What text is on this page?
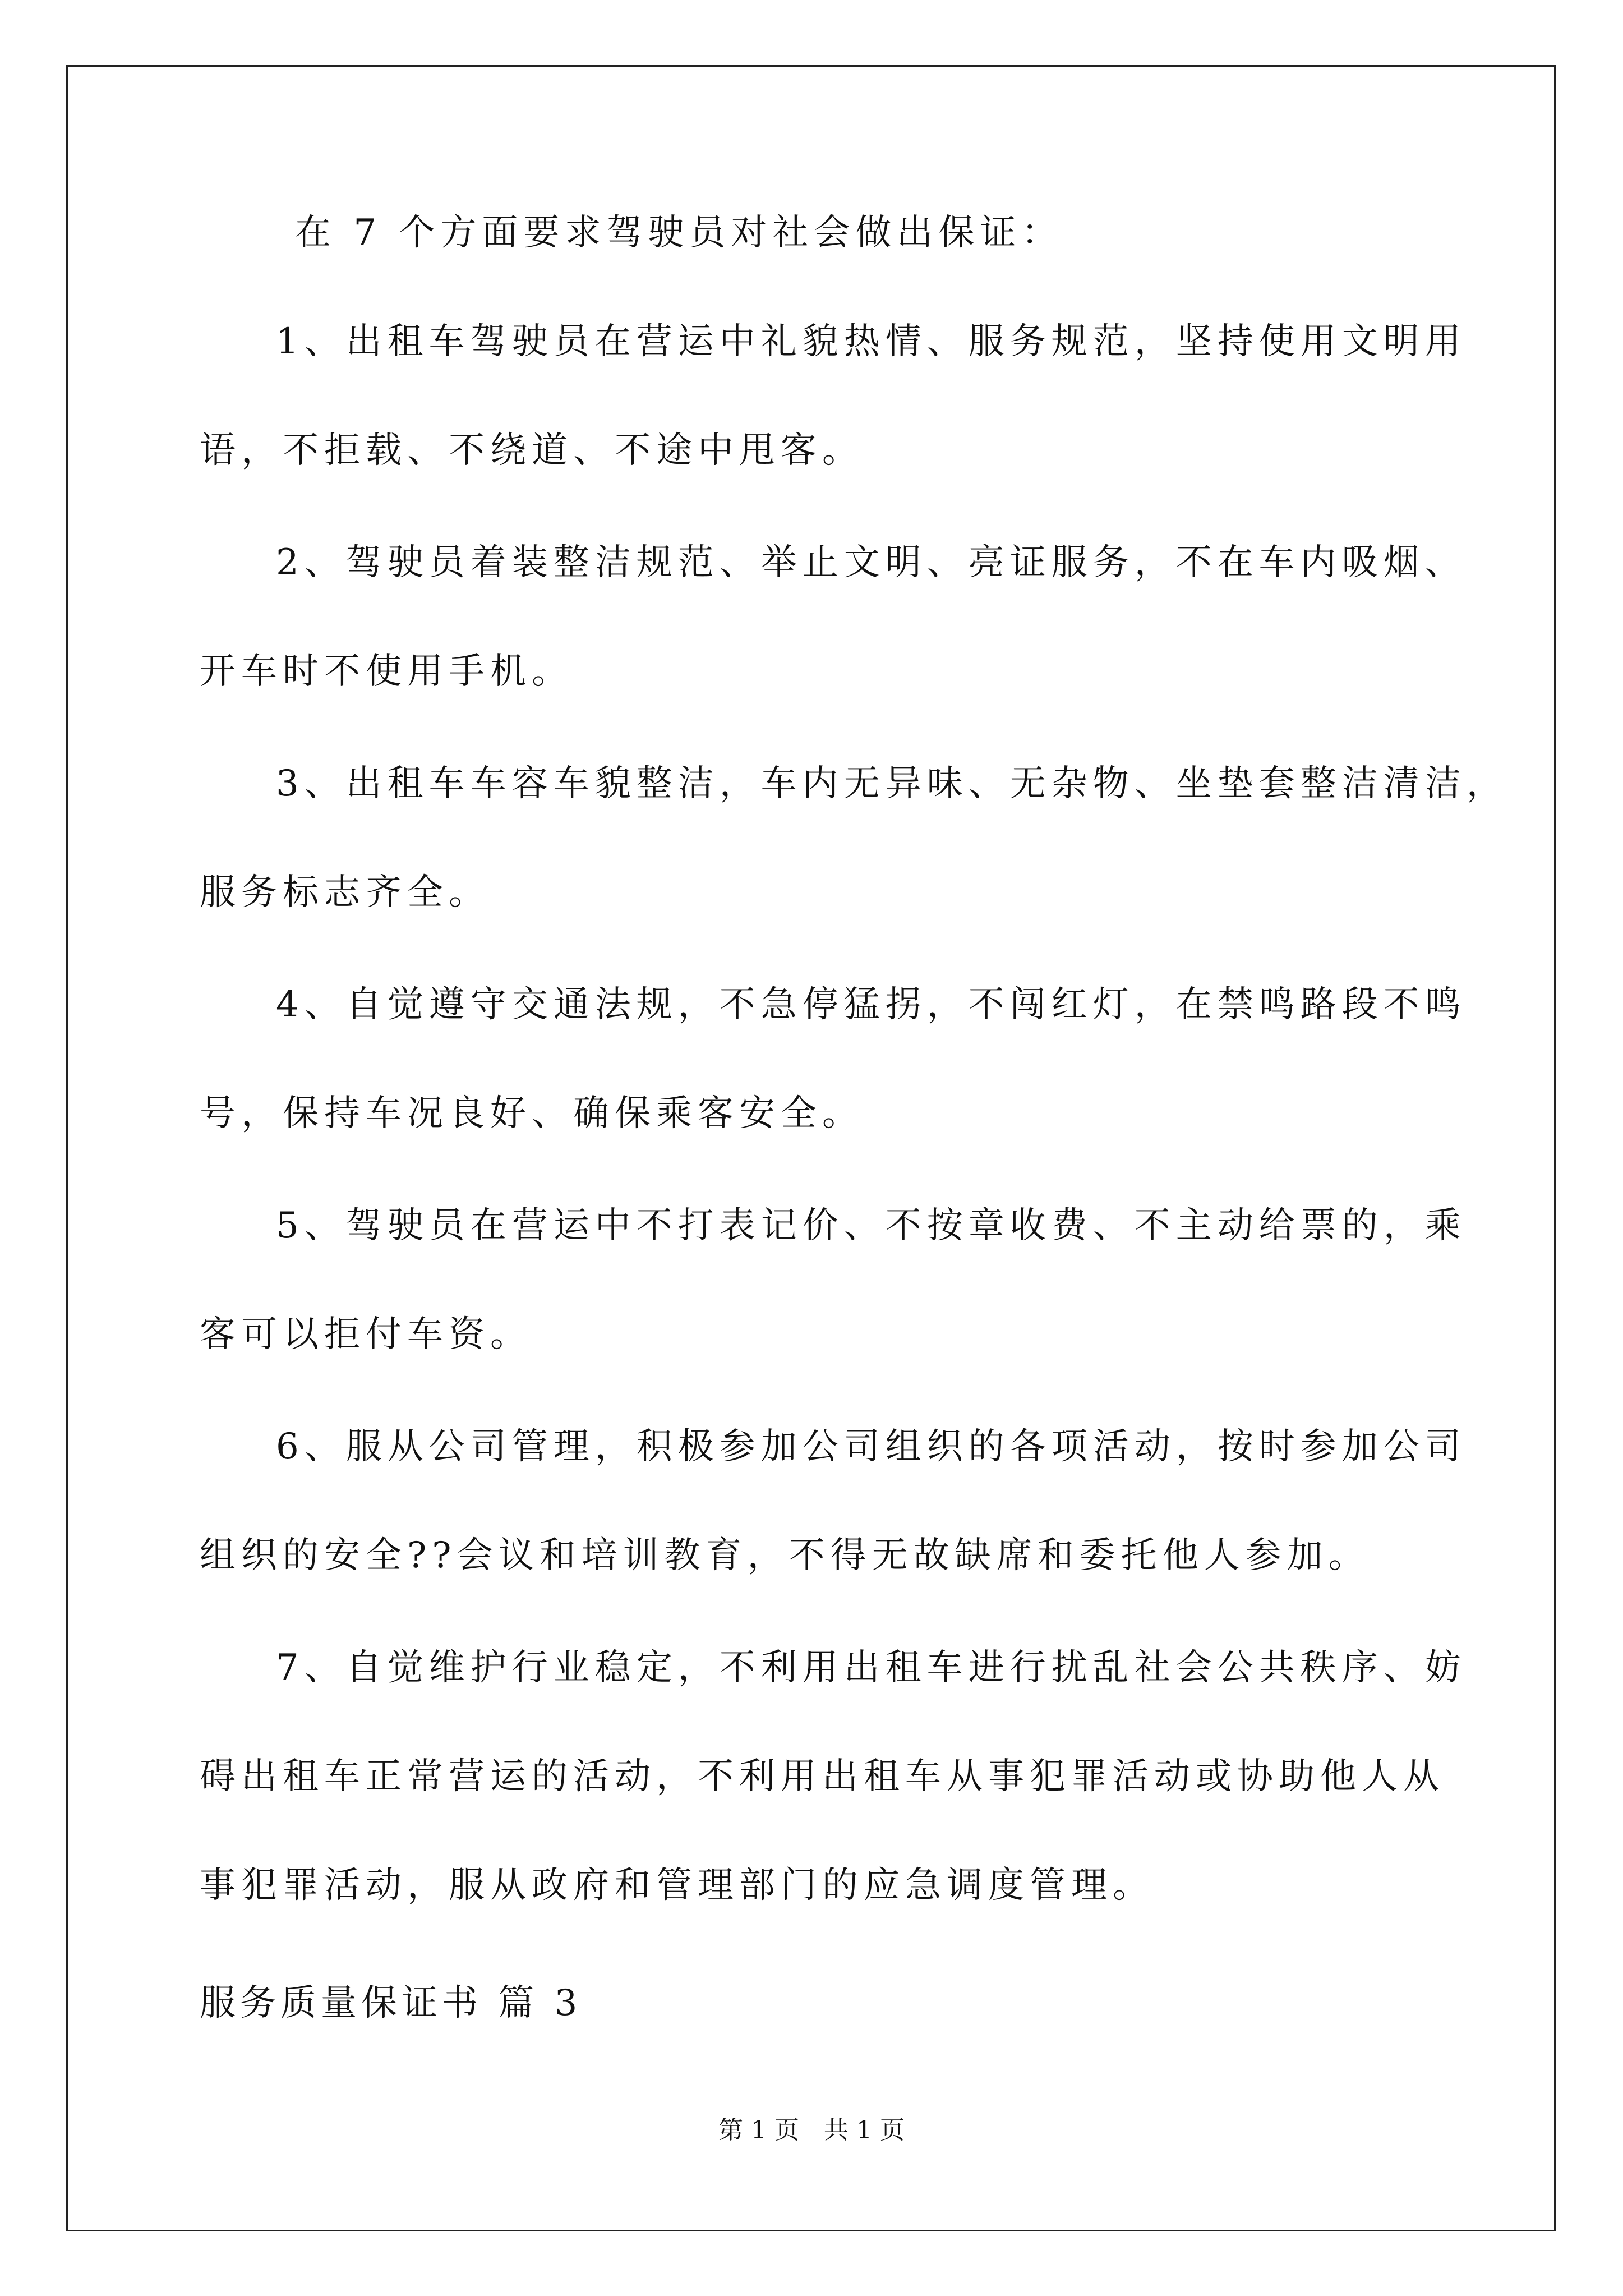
在 7 个方面要求驾驶员对社会做出保证：
1、出租车驾驶员在营运中礼貌热情、服务规范，坚持使用文明用
语，不拒载、不绕道、不途中甩客。
2、驾驶员着装整洁规范、举止文明、亮证服务，不在车内吸烟、
开车时不使用手机。
3、出租车车容车貌整洁，车内无异味、无杂物、坐垫套整洁清洁，
服务标志齐全。
4、自觉遵守交通法规，不急停猛拐，不闯红灯，在禁鸣路段不鸣
号，保持车况良好、确保乘客安全。
5、驾驶员在营运中不打表记价、不按章收费、不主动给票的，乘
客可以拒付车资。
6、服从公司管理，积极参加公司组织的各项活动，按时参加公司
组织的安全??会议和培训教育，不得无故缺席和委托他人参加。
7、自觉维护行业稳定，不利用出租车进行扰乱社会公共秩序、妨
碍出租车正常营运的活动，不利用出租车从事犯罪活动或协助他人从
事犯罪活动，服从政府和管理部门的应急调度管理。
服务质量保证书 篇 3
第 1 页　共 1 页
